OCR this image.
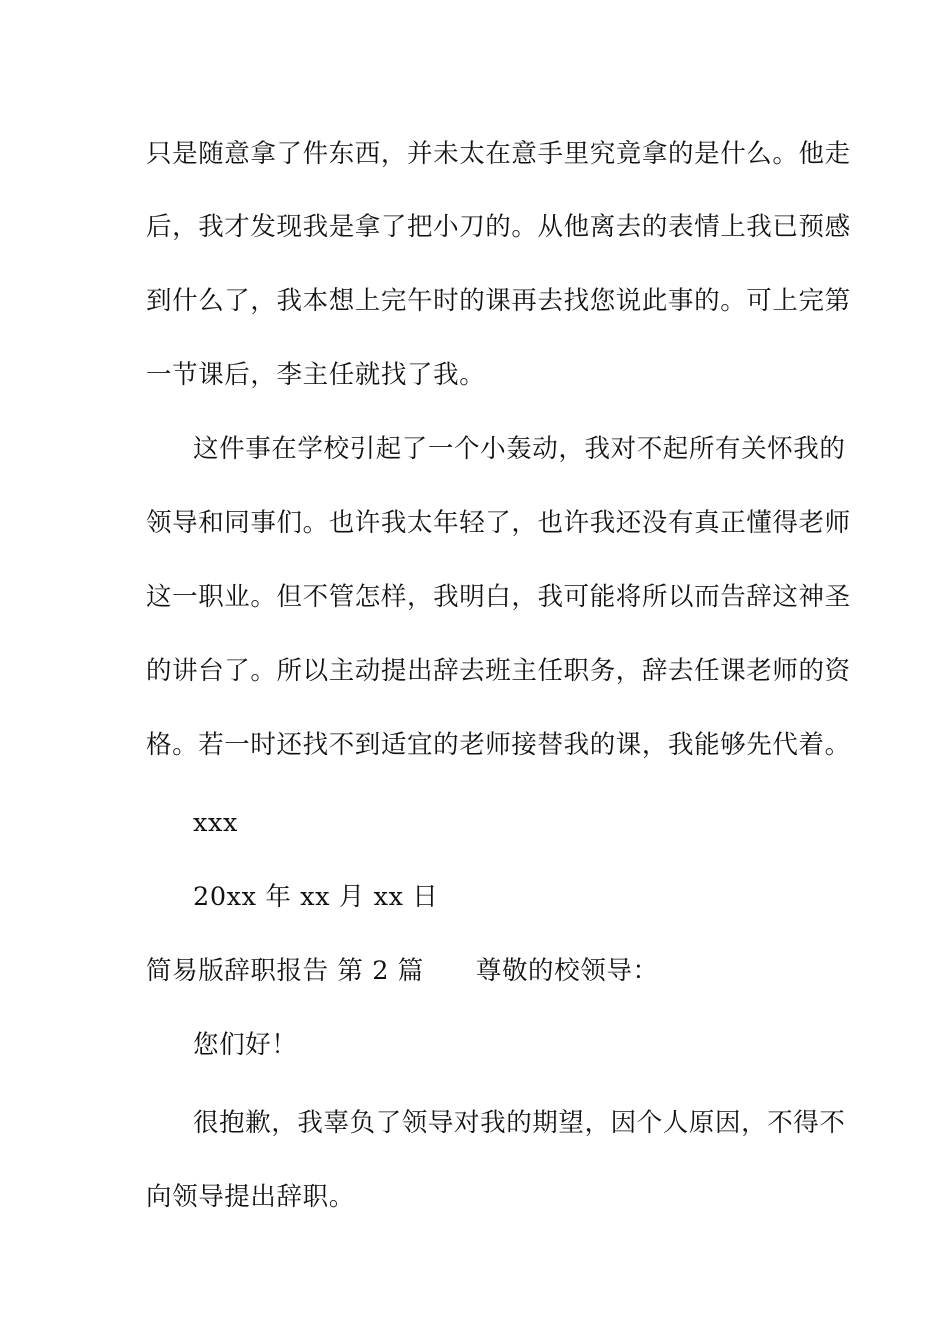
只是随意拿了件东西，并未太在意手里究竟拿的是什么。他走
后，我才发现我是拿了把小刀的。从他离去的表情上我已预感
到什么了，我本想上完午时的课再去找您说此事的。可上完第
一节课后，李主任就找了我。
这件事在学校引起了一个小轰动，我对不起所有关怀我的
领导和同事们。也许我太年轻了，也许我还没有真正懂得老师
这一职业。但不管怎样，我明白，我可能将所以而告辞这神圣
的讲台了。所以主动提出辞去班主任职务，辞去任课老师的资
格。若一时还找不到适宜的老师接替我的课，我能够先代着。
xxx
20xx 年 xx 月 xx 日
简易版辞职报告 第 2 篇 尊敬的校领导：
您们好！
很抱歉，我辜负了领导对我的期望，因个人原因，不得不
向领导提出辞职。
